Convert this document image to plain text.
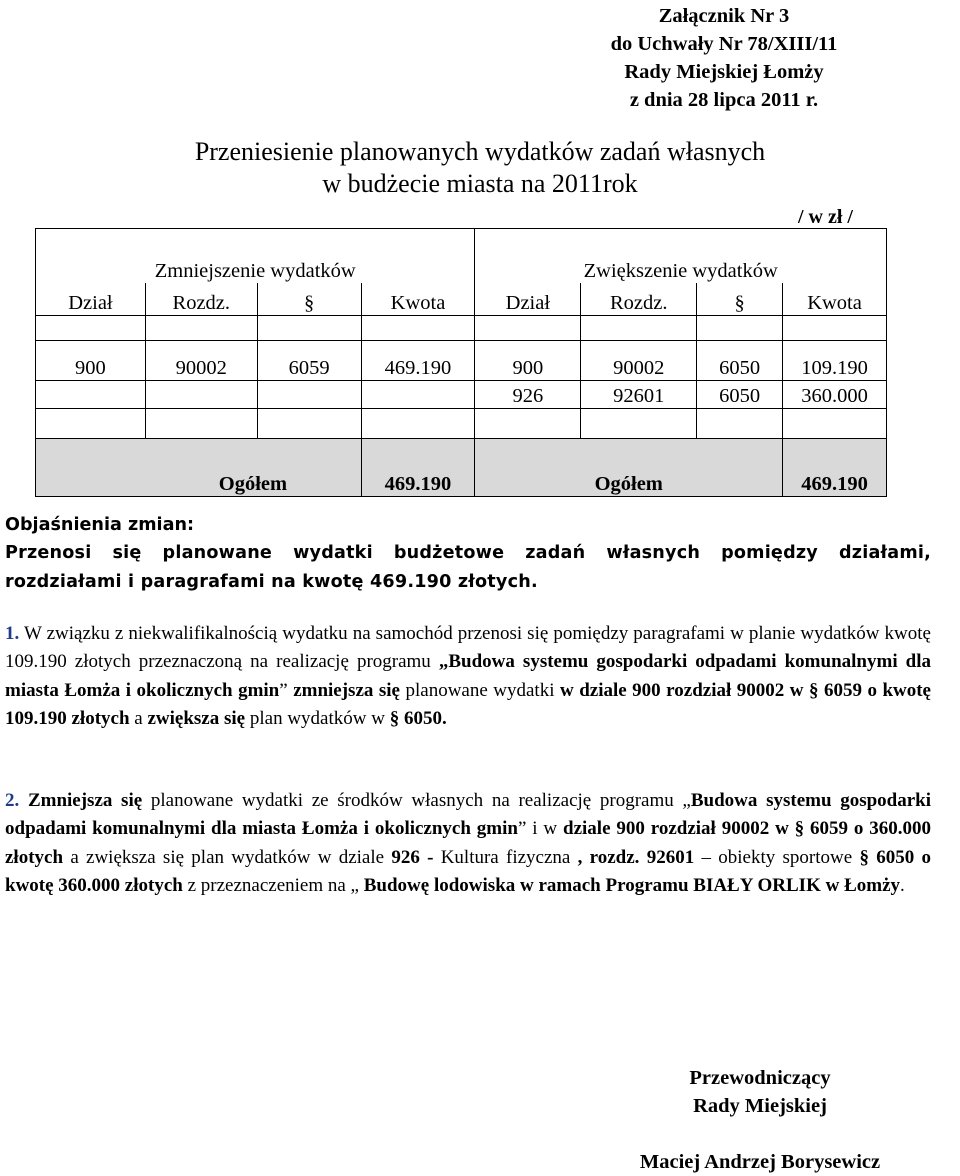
Załącznik Nr 3
do Uchwały Nr 78/XIII/11
Rady Miejskiej Łomży
z dnia 28 lipca 2011 r.
Przeniesienie planowanych wydatków zadań własnych
w budżecie miasta na 2011rok
/ w zł /
Zmniejszenie wydatków				Zwiększenie wydatków			
Dział	Rozdz.	§	Kwota	Dział	Rozdz.	§	Kwota

900	90002	6059	469.190	900	90002	6050	109.190
				926	92601	6050	360.000

	Ogółem		469.190	Ogółem			469.190
Objaśnienia zmian:
Przenosi się planowane wydatki budżetowe zadań własnych pomiędzy działami, rozdziałami i paragrafami na kwotę 469.190 złotych.
1. W związku z niekwalifikalnością wydatku na samochód przenosi się pomiędzy paragrafami w planie wydatków kwotę 109.190 złotych przeznaczoną na realizację programu „Budowa systemu gospodarki odpadami komunalnymi dla miasta Łomża i okolicznych gmin” zmniejsza się planowane wydatki w dziale 900 rozdział 90002 w § 6059 o kwotę 109.190 złotych a zwiększa się plan wydatków w § 6050.
2. Zmniejsza się planowane wydatki ze środków własnych na realizację programu „Budowa systemu gospodarki odpadami komunalnymi dla miasta Łomża i okolicznych gmin” i w dziale 900 rozdział 90002 w § 6059 o 360.000 złotych a zwiększa się plan wydatków w dziale 926 - Kultura fizyczna , rozdz. 92601 – obiekty sportowe § 6050 o kwotę 360.000 złotych z przeznaczeniem na „ Budowę lodowiska w ramach Programu BIAŁY ORLIK w Łomży.
Przewodniczący
Rady Miejskiej
Maciej Andrzej Borysewicz
